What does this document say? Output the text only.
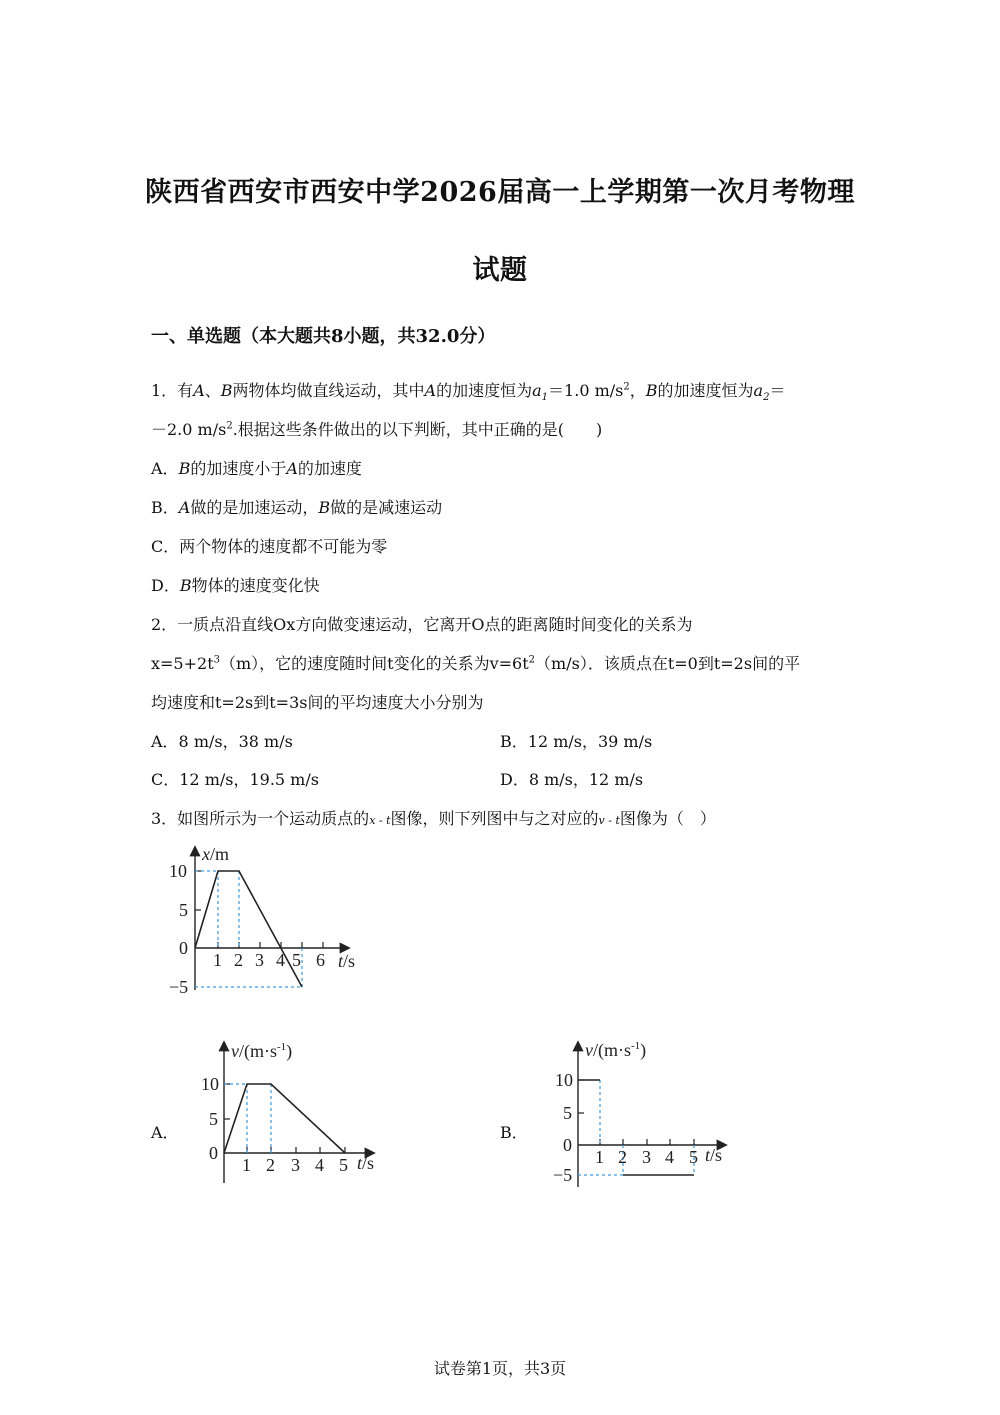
陕西省西安市西安中学2026届高一上学期第一次月考物理
试题
一、单选题（本大题共8小题，共32.0分）
1．有A、B两物体均做直线运动，其中A的加速度恒为$a_1=1.0$ $m/s^2$，B的加速度恒为$a_2=$
－2.0 $m/s^2$.根据这些条件做出的以下判断，其中正确的是(　　)
A．B的加速度小于A的加速度
B．A做的是加速运动，B做的是减速运动
C．两个物体的速度都不可能为零
D．B物体的速度变化快
2．一质点沿直线Ox方向做变速运动，它离开O点的距离随时间变化的关系为
$x=5+2t^3(m)$，它的速度随时间t变化的关系为$v=6t^2(m/s)$．该质点在t=0到t=2s间的平
均速度和t=2s到t=3s间的平均速度大小分别为
A．8 m/s，38 m/s	B．12 m/s，39 m/s
C．12 m/s，19.5 m/s	D．8 m/s，12 m/s
3．如图所示为一个运动质点的x - t图像，则下列图中与之对应的v - t图像为（　）
10
5
0
−5
1 2 3 4 5 6
x/m
t/s
A．
10
5
0
1 2 3 4 5
$v/(m\cdot s^{-1})$
t/s
B．
10
5
0
−5
1 2 3 4 5
$v/(m\cdot s^{-1})$
t/s
试卷第1页，共3页
